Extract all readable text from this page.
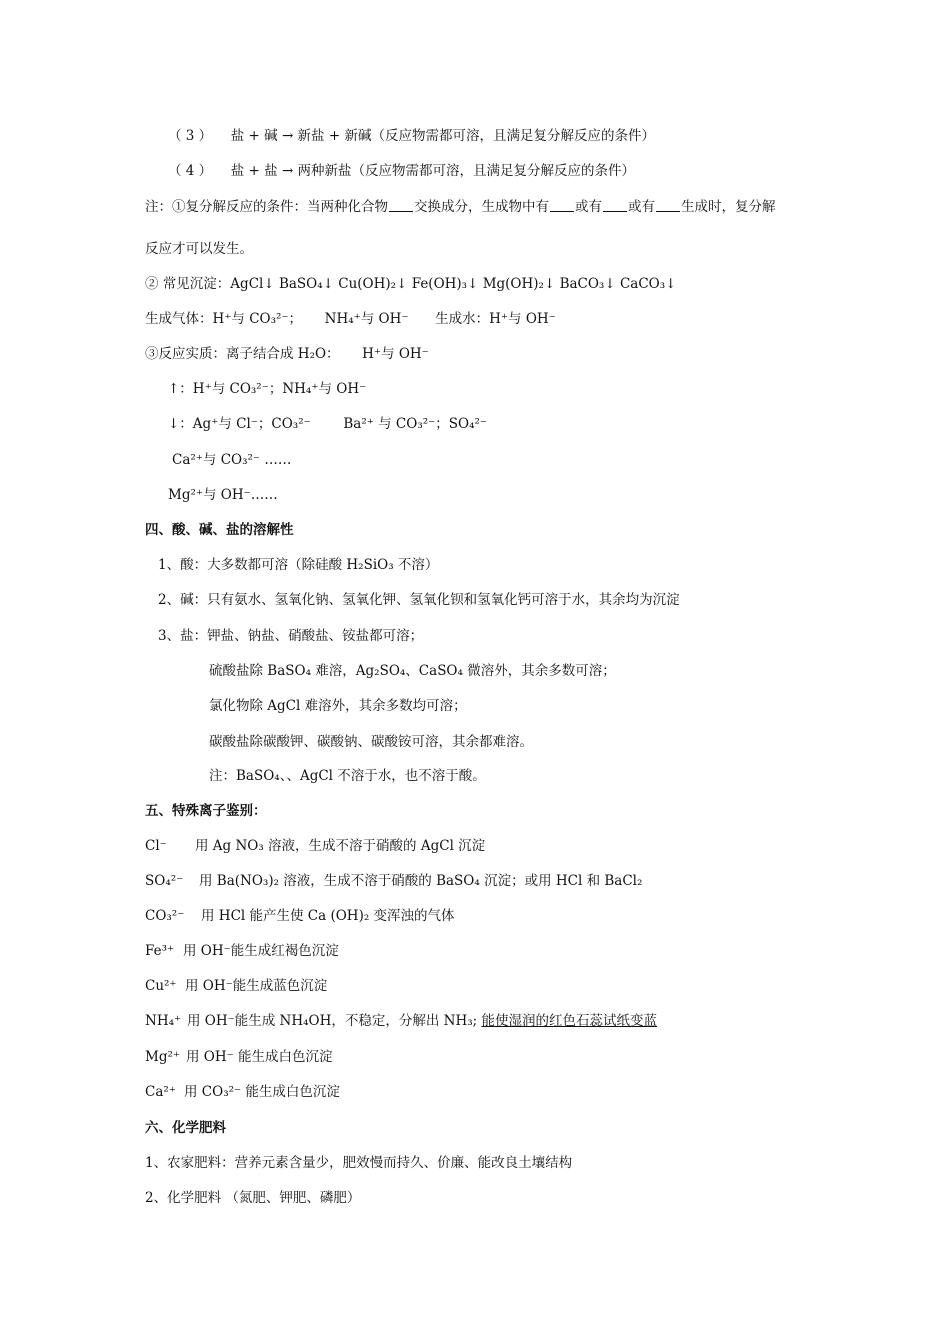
（ 3 ） 盐 + 碱 → 新盐 + 新碱（反应物需都可溶，且满足复分解反应的条件）
（ 4 ） 盐 + 盐 → 两种新盐（反应物需都可溶，且满足复分解反应的条件）
注：①复分解反应的条件：当两种化合物 交换成分，生成物中有 或有 或有 生成时，复分解
反应才可以发生。
② 常见沉淀：AgCl↓ BaSO₄↓ Cu(OH)₂↓ Fe(OH)₃↓ Mg(OH)₂↓ BaCO₃↓ CaCO₃↓
生成气体：H⁺与 CO₃²⁻； NH₄⁺与 OH⁻ 生成水：H⁺与 OH⁻
③反应实质：离子结合成 H₂O： H⁺与 OH⁻
↑：H⁺与 CO₃²⁻；NH₄⁺与 OH⁻
↓：Ag⁺与 Cl⁻；CO₃²⁻ Ba²⁺ 与 CO₃²⁻；SO₄²⁻
Ca²⁺与 CO₃²⁻ ……
Mg²⁺与 OH⁻……
四、酸、碱、盐的溶解性
1、酸：大多数都可溶（除硅酸 H₂SiO₃ 不溶）
2、碱：只有氨水、氢氧化钠、氢氧化钾、氢氧化钡和氢氧化钙可溶于水，其余均为沉淀
3、盐：钾盐、钠盐、硝酸盐、铵盐都可溶；
硫酸盐除 BaSO₄ 难溶，Ag₂SO₄、CaSO₄ 微溶外，其余多数可溶；
氯化物除 AgCl 难溶外，其余多数均可溶；
碳酸盐除碳酸钾、碳酸钠、碳酸铵可溶，其余都难溶。
注：BaSO₄、、AgCl 不溶于水，也不溶于酸。
五、特殊离子鉴别：
Cl⁻ 用 Ag NO₃ 溶液，生成不溶于硝酸的 AgCl 沉淀
SO₄²⁻ 用 Ba(NO₃)₂ 溶液，生成不溶于硝酸的 BaSO₄ 沉淀；或用 HCl 和 BaCl₂
CO₃²⁻ 用 HCl 能产生使 Ca (OH)₂ 变浑浊的气体
Fe³⁺ 用 OH⁻能生成红褐色沉淀
Cu²⁺ 用 OH⁻能生成蓝色沉淀
NH₄⁺ 用 OH⁻能生成 NH₄OH，不稳定，分解出 NH₃; 能使湿润的红色石蕊试纸变蓝
Mg²⁺ 用 OH⁻ 能生成白色沉淀
Ca²⁺ 用 CO₃²⁻ 能生成白色沉淀
六、化学肥料
1、农家肥料：营养元素含量少，肥效慢而持久、价廉、能改良土壤结构
2、化学肥料 （氮肥、钾肥、磷肥）
